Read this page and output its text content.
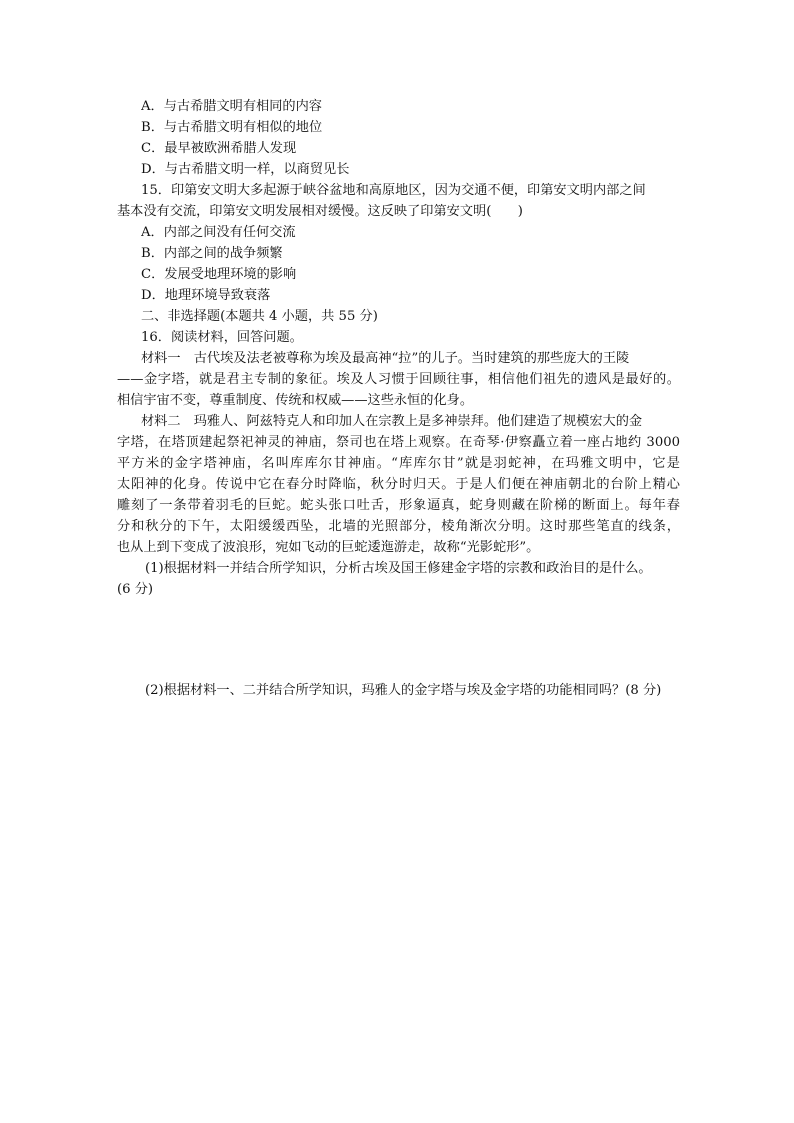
A．与古希腊文明有相同的内容
B．与古希腊文明有相似的地位
C．最早被欧洲希腊人发现
D．与古希腊文明一样，以商贸见长
15．印第安文明大多起源于峡谷盆地和高原地区，因为交通不便，印第安文明内部之间
基本没有交流，印第安文明发展相对缓慢。这反映了印第安文明(　　)
A．内部之间没有任何交流
B．内部之间的战争频繁
C．发展受地理环境的影响
D．地理环境导致衰落
二、非选择题(本题共 4 小题，共 55 分)
16．阅读材料，回答问题。
材料一　古代埃及法老被尊称为埃及最高神“拉”的儿子。当时建筑的那些庞大的王陵
——金字塔，就是君主专制的象征。埃及人习惯于回顾往事，相信他们祖先的遗风是最好的。
相信宇宙不变，尊重制度、传统和权威——这些永恒的化身。
材料二　玛雅人、阿兹特克人和印加人在宗教上是多神崇拜。他们建造了规模宏大的金
字塔，在塔顶建起祭祀神灵的神庙，祭司也在塔上观察。在奇琴·伊察矗立着一座占地约 3000
平方米的金字塔神庙，名叫库库尔甘神庙。“库库尔甘”就是羽蛇神，在玛雅文明中，它是
太阳神的化身。传说中它在春分时降临，秋分时归天。于是人们便在神庙朝北的台阶上精心
雕刻了一条带着羽毛的巨蛇。蛇头张口吐舌，形象逼真，蛇身则藏在阶梯的断面上。每年春
分和秋分的下午，太阳缓缓西坠，北墙的光照部分，棱角渐次分明。这时那些笔直的线条，
也从上到下变成了波浪形，宛如飞动的巨蛇逶迤游走，故称“光影蛇形”。
(1)根据材料一并结合所学知识，分析古埃及国王修建金字塔的宗教和政治目的是什么。
(6 分)
(2)根据材料一、二并结合所学知识，玛雅人的金字塔与埃及金字塔的功能相同吗？(8 分)
